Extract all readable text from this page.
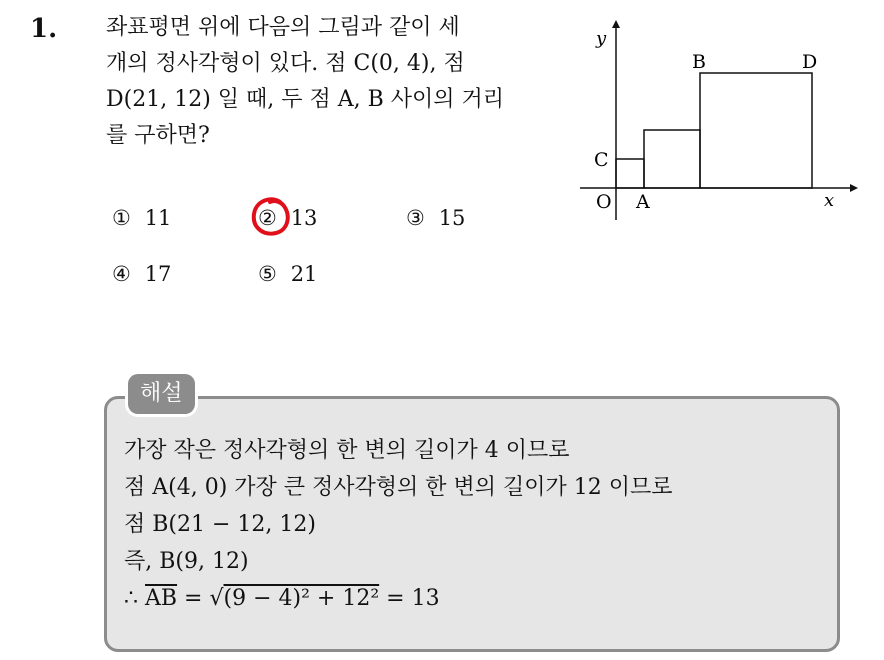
1. 좌표평면 위에 다음의 그림과 같이 세
개의 정사각형이 있다. 점 C(0, 4), 점
D(21, 12) 일 때, 두 점 A, B 사이의 거리
를 구하면?
① 11	② 13	③ 15
④ 17	⑤ 21
y
x
O A
C
B	D
해설
가장 작은 정사각형의 한 변의 길이가 4 이므로
점 A(4, 0) 가장 큰 정사각형의 한 변의 길이가 12 이므로
점 B(21 − 12, 12)
즉, B(9, 12)
∴ $\overline{AB} = √(9 - 4)^2 + 12^2 = 13$
